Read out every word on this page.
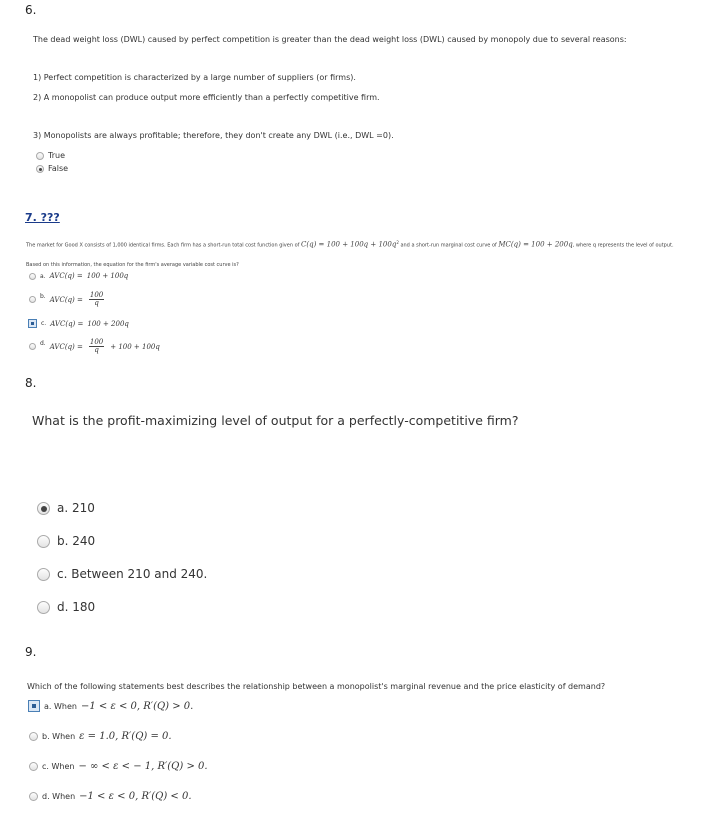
6.
The dead weight loss (DWL) caused by perfect competition is greater than the dead weight loss (DWL) caused by monopoly due to several reasons:
1) Perfect competition is characterized by a large number of suppliers (or firms).
2) A monopolist can produce output more efficiently than a perfectly competitive firm.
3) Monopolists are always profitable; therefore, they don't create any DWL (i.e., DWL =0).
True
False
7. ???
The market for Good X consists of 1,000 identical firms. Each firm has a short-run total cost function given of $C(q) = 100 + 100q + 100q^2$ and a short-run marginal cost curve of MC(q) = 100 + 200q, where q represents the level of output.
Based on this information, the equation for the firm's average variable cost curve is?
a. AVC(q) = 100 + 100q
b. $AVC(q) = \frac{100}{q}$
c. AVC(q) = 100 + 200q
d. $AVC(q) = \frac{100}{q} + 100 + 100q$
8.
What is the profit-maximizing level of output for a perfectly-competitive firm?
a. 210
b. 240
c. Between 210 and 240.
d. 180
9.
Which of the following statements best describes the relationship between a monopolist's marginal revenue and the price elasticity of demand?
a. When −1 < ε < 0, R′(Q) > 0.
b. When ε = 1.0, R′(Q) = 0.
c. When − ∞ < ε < − 1, R′(Q) > 0.
d. When −1 < ε < 0, R′(Q) < 0.
